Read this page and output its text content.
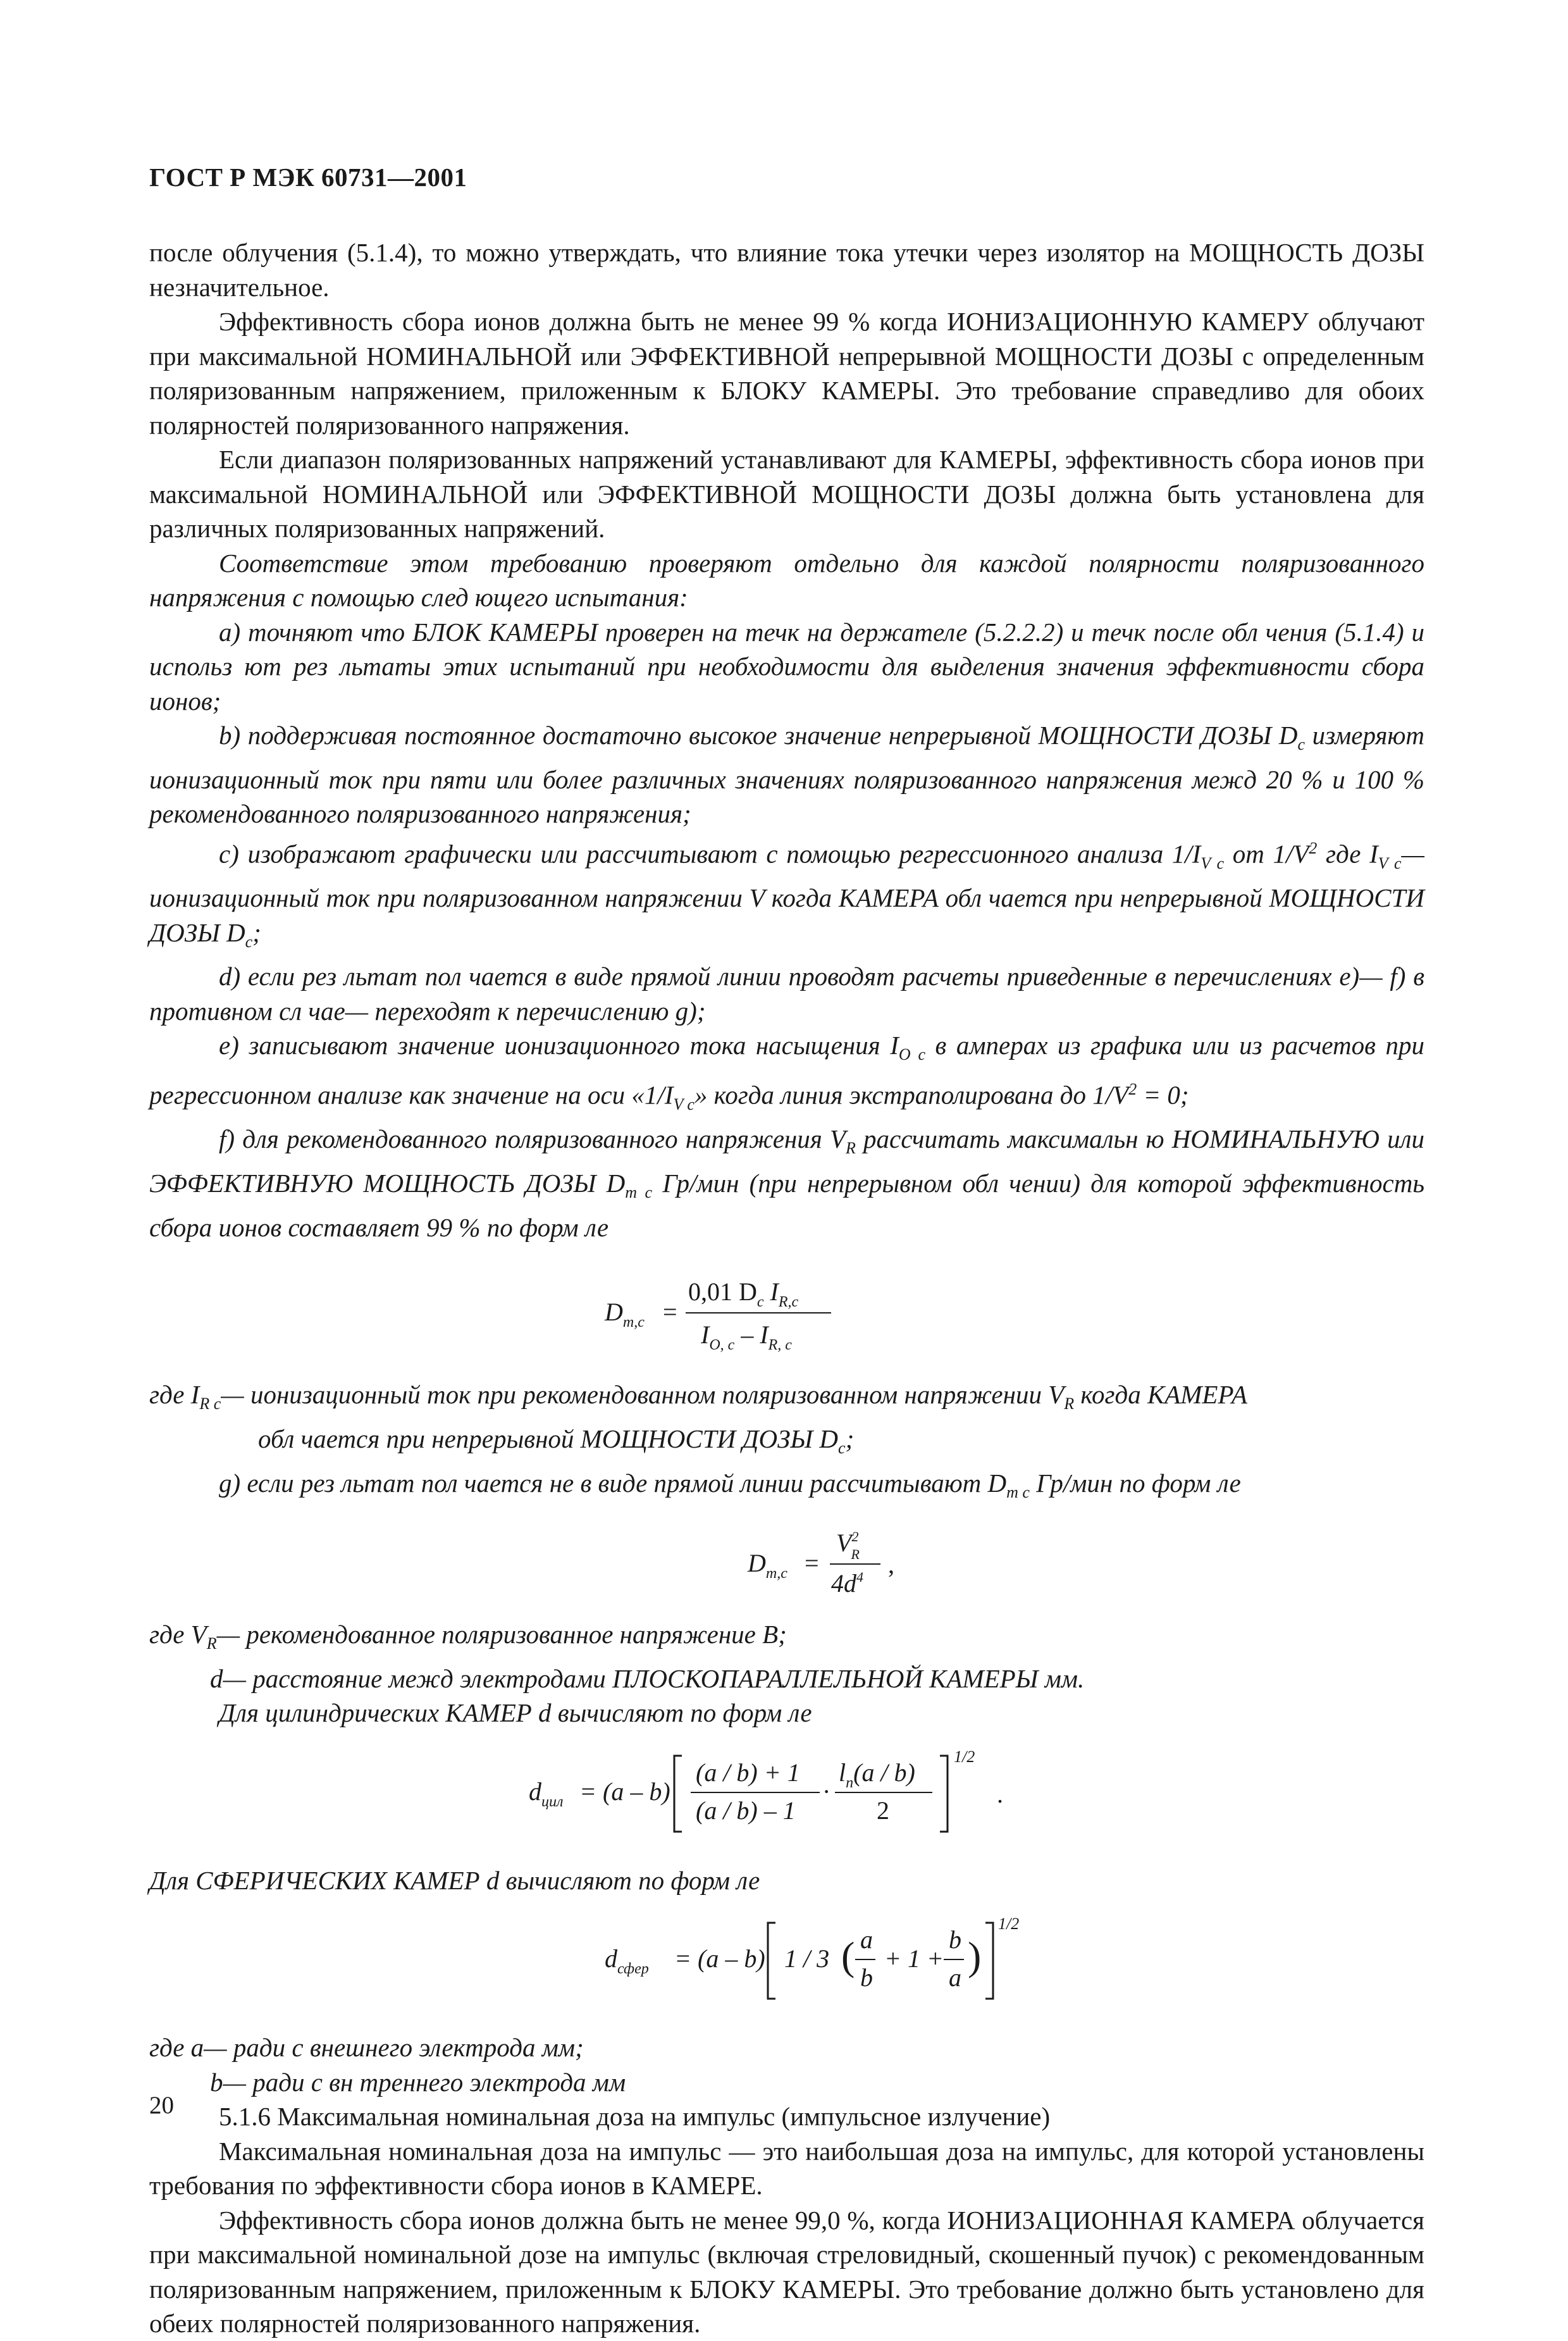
ГОСТ Р МЭК 60731—2001

после облучения (5.1.4), то можно утверждать, что влияние тока утечки через изолятор на МОЩНОСТЬ ДОЗЫ незначительное.

Эффективность сбора ионов должна быть не менее 99 % когда ИОНИЗАЦИОННУЮ КАМЕРУ облучают при максимальной НОМИНАЛЬНОЙ или ЭФФЕКТИВНОЙ непрерывной МОЩНОСТИ ДОЗЫ с определенным поляризованным напряжением, приложенным к БЛОКУ КАМЕРЫ. Это требование справедливо для обоих полярностей поляризованного напряжения.

Если диапазон поляризованных напряжений устанавливают для КАМЕРЫ, эффективность сбора ионов при максимальной НОМИНАЛЬНОЙ или ЭФФЕКТИВНОЙ МОЩНОСТИ ДОЗЫ должна быть установлена для различных поляризованных напряжений.

Соответствие этом требованию проверяют отдельно для каждой полярности поляризованного напряжения с помощью след ющего испытания:

а) точняют что БЛОК КАМЕРЫ проверен на течк на держателе (5.2.2.2) и течк после обл чения (5.1.4) и использ ют рез льтаты этих испытаний при необходимости для выделения значения эффективности сбора ионов;

b) поддерживая постоянное достаточно высокое значение непрерывной МОЩНОСТИ ДОЗЫ $D_c$ измеряют ионизационный ток при пяти или более различных значениях поляризованного напряжения межд 20 % и 100 % рекомендованного поляризованного напряжения;

с) изображают графически или рассчитывают с помощью регрессионного анализа $1/I_{V c}$ от $1/V^2$ где $I_{V c}—$ ионизационный ток при поляризованном напряжении V когда КАМЕРА обл чается при непрерывной МОЩНОСТИ ДОЗЫ $D_c$;

d) если рез льтат пол чается в виде прямой линии проводят расчеты приведенные в перечислениях е)— f) в противном сл чае— переходят к перечислению g);

е) записывают значение ионизационного тока насыщения $I_{O c}$ в амперах из графика или из расчетов при регрессионном анализе как значение на оси «$1/I_{V c}$» когда линия экстраполирована до $1/V^2 = 0$;

f) для рекомендованного поляризованного напряжения $V_R$ рассчитать максимальн ю НОМИНАЛЬНУЮ или ЭФФЕКТИВНУЮ МОЩНОСТЬ ДОЗЫ $D_{m c}$ Гр/мин (при непрерывном обл чении) для которой эффективность сбора ионов составляет 99 % по форм ле

$D_{m,c}$ =
0,01 $D_c$ $I_{R,c}$
$I_{O, c} - I_{R, c}$

где $I_{R c}—$ ионизационный ток при рекомендованном поляризованном напряжении $V_R$ когда КАМЕРА

обл чается при непрерывной МОЩНОСТИ ДОЗЫ $D_c$;

g) если рез льтат пол чается не в виде прямой линии рассчитывают $D_{m c}$ Гр/мин по форм ле

$D_{m,c}$ =
$V^2$ R
$4d^4$ ,

где $V_R—$ рекомендованное поляризованное напряжение В;

d— расстояние межд электродами ПЛОСКОПАРАЛЛЕЛЬНОЙ КАМЕРЫ мм.

Для цилиндрических КАМЕР d вычисляют по форм ле

$d_{цил} = (a - b)$
(a / b) + 1
(a / b) – 1
·
$l_n(a / b)$
2
1/2
.

Для СФЕРИЧЕСКИХ КАМЕР d вычисляют по форм ле

$d_{сфер} = (a - b)$ 1 / 3 ( a
b
+ 1 +
b
a )
1/2

где a— ради с внешнего электрода мм;

b— ради с вн треннего электрода мм

5.1.6 Максимальная номинальная доза на импульс (импульсное излучение)

Максимальная номинальная доза на импульс — это наибольшая доза на импульс, для которой установлены требования по эффективности сбора ионов в КАМЕРЕ.

Эффективность сбора ионов должна быть не менее 99,0 %, когда ИОНИЗАЦИОННАЯ КАМЕРА облучается при максимальной номинальной дозе на импульс (включая стреловидный, скошенный пучок) с рекомендованным поляризованным напряжением, приложенным к БЛОКУ КАМЕРЫ. Это требование должно быть установлено для обеих полярностей поляризованного напряжения.

20
